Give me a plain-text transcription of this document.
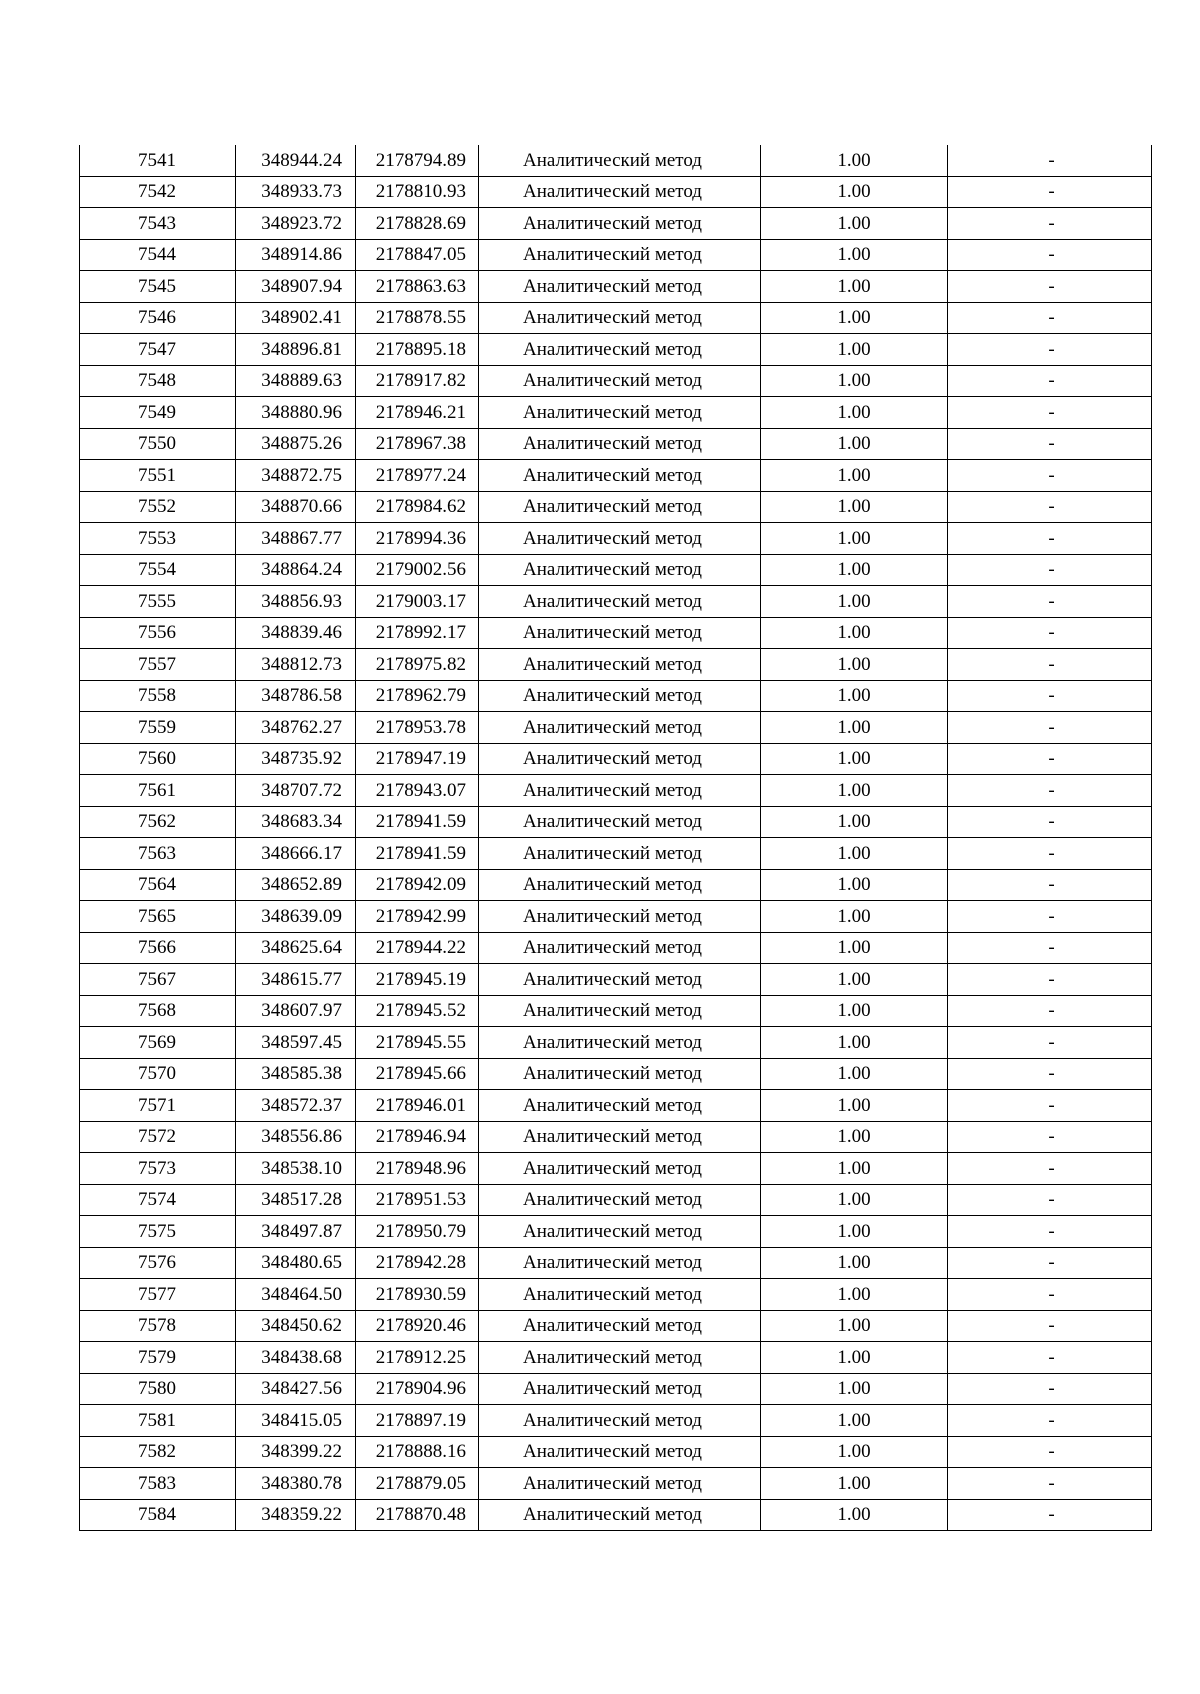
7541	348944.24	2178794.89	Аналитический метод	1.00	-
7542	348933.73	2178810.93	Аналитический метод	1.00	-
7543	348923.72	2178828.69	Аналитический метод	1.00	-
7544	348914.86	2178847.05	Аналитический метод	1.00	-
7545	348907.94	2178863.63	Аналитический метод	1.00	-
7546	348902.41	2178878.55	Аналитический метод	1.00	-
7547	348896.81	2178895.18	Аналитический метод	1.00	-
7548	348889.63	2178917.82	Аналитический метод	1.00	-
7549	348880.96	2178946.21	Аналитический метод	1.00	-
7550	348875.26	2178967.38	Аналитический метод	1.00	-
7551	348872.75	2178977.24	Аналитический метод	1.00	-
7552	348870.66	2178984.62	Аналитический метод	1.00	-
7553	348867.77	2178994.36	Аналитический метод	1.00	-
7554	348864.24	2179002.56	Аналитический метод	1.00	-
7555	348856.93	2179003.17	Аналитический метод	1.00	-
7556	348839.46	2178992.17	Аналитический метод	1.00	-
7557	348812.73	2178975.82	Аналитический метод	1.00	-
7558	348786.58	2178962.79	Аналитический метод	1.00	-
7559	348762.27	2178953.78	Аналитический метод	1.00	-
7560	348735.92	2178947.19	Аналитический метод	1.00	-
7561	348707.72	2178943.07	Аналитический метод	1.00	-
7562	348683.34	2178941.59	Аналитический метод	1.00	-
7563	348666.17	2178941.59	Аналитический метод	1.00	-
7564	348652.89	2178942.09	Аналитический метод	1.00	-
7565	348639.09	2178942.99	Аналитический метод	1.00	-
7566	348625.64	2178944.22	Аналитический метод	1.00	-
7567	348615.77	2178945.19	Аналитический метод	1.00	-
7568	348607.97	2178945.52	Аналитический метод	1.00	-
7569	348597.45	2178945.55	Аналитический метод	1.00	-
7570	348585.38	2178945.66	Аналитический метод	1.00	-
7571	348572.37	2178946.01	Аналитический метод	1.00	-
7572	348556.86	2178946.94	Аналитический метод	1.00	-
7573	348538.10	2178948.96	Аналитический метод	1.00	-
7574	348517.28	2178951.53	Аналитический метод	1.00	-
7575	348497.87	2178950.79	Аналитический метод	1.00	-
7576	348480.65	2178942.28	Аналитический метод	1.00	-
7577	348464.50	2178930.59	Аналитический метод	1.00	-
7578	348450.62	2178920.46	Аналитический метод	1.00	-
7579	348438.68	2178912.25	Аналитический метод	1.00	-
7580	348427.56	2178904.96	Аналитический метод	1.00	-
7581	348415.05	2178897.19	Аналитический метод	1.00	-
7582	348399.22	2178888.16	Аналитический метод	1.00	-
7583	348380.78	2178879.05	Аналитический метод	1.00	-
7584	348359.22	2178870.48	Аналитический метод	1.00	-
